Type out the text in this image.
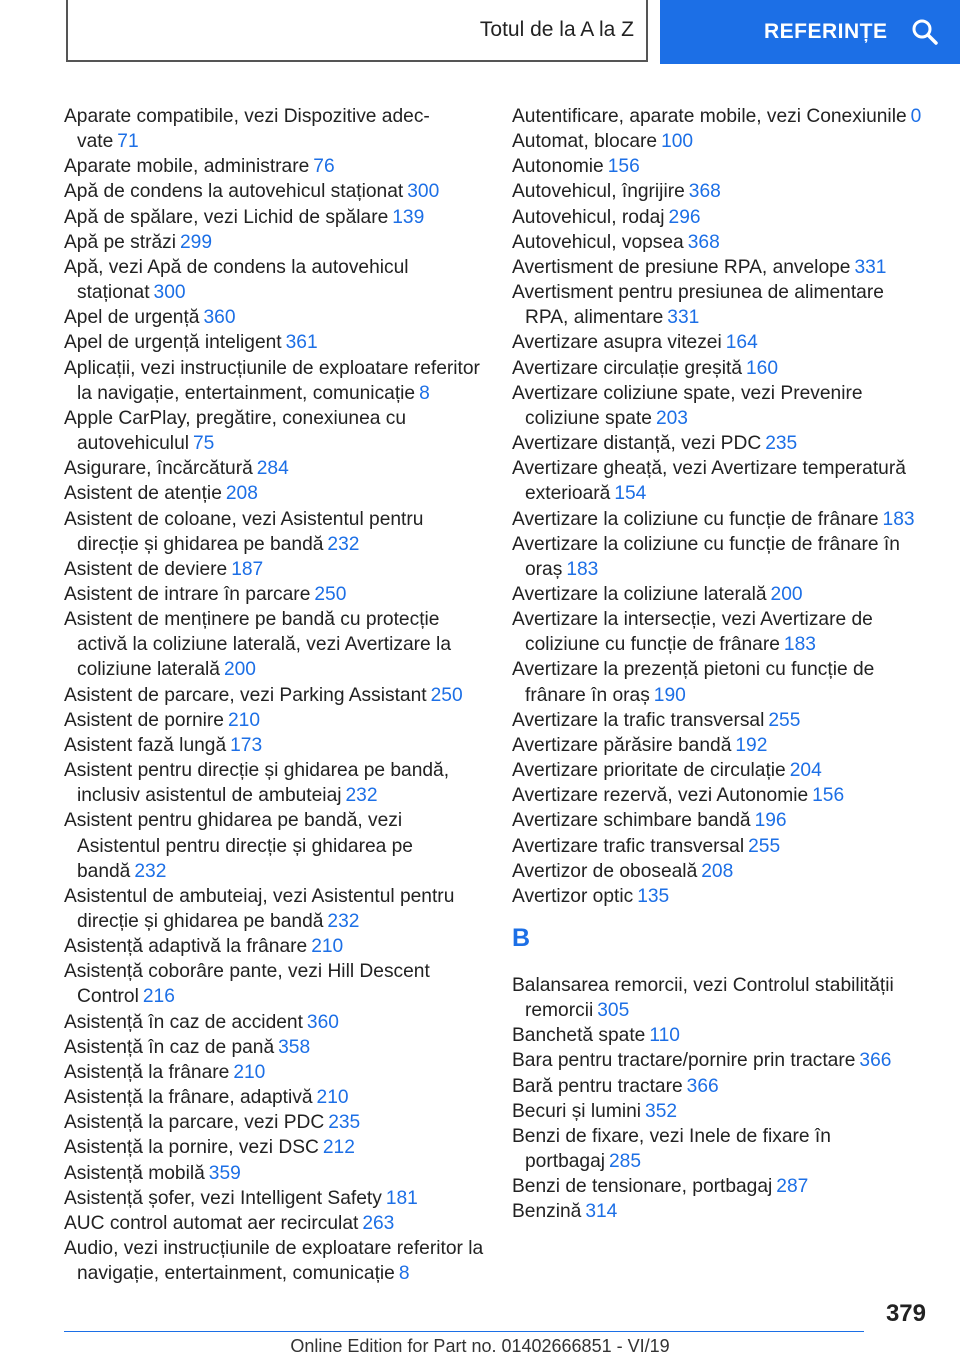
Totul de la A la Z	REFERINȚE
Aparate compatibile, vezi Dispozitive adec-vate 71
Aparate mobile, administrare 76
Apă de condens la autovehicul staționat 300
Apă de spălare, vezi Lichid de spălare 139
Apă pe străzi 299
Apă, vezi Apă de condens la autovehicul staționat 300
Apel de urgență 360
Apel de urgență inteligent 361
Aplicații, vezi instrucțiunile de exploatare referitor la navigație, entertainment, comunicație 8
Apple CarPlay, pregătire, conexiunea cu autovehiculul 75
Asigurare, încărcătură 284
Asistent de atenție 208
Asistent de coloane, vezi Asistentul pentru direcție și ghidarea pe bandă 232
Asistent de deviere 187
Asistent de intrare în parcare 250
Asistent de menținere pe bandă cu protecție activă la coliziune laterală, vezi Avertizare la coliziune laterală 200
Asistent de parcare, vezi Parking Assistant 250
Asistent de pornire 210
Asistent fază lungă 173
Asistent pentru direcție și ghidarea pe bandă, inclusiv asistentul de ambuteiaj 232
Asistent pentru ghidarea pe bandă, vezi Asistentul pentru direcție și ghidarea pe bandă 232
Asistentul de ambuteiaj, vezi Asistentul pentru direcție și ghidarea pe bandă 232
Asistență adaptivă la frânare 210
Asistență coborâre pante, vezi Hill Descent Control 216
Asistență în caz de accident 360
Asistență în caz de pană 358
Asistență la frânare 210
Asistență la frânare, adaptivă 210
Asistență la parcare, vezi PDC 235
Asistență la pornire, vezi DSC 212
Asistență mobilă 359
Asistență șofer, vezi Intelligent Safety 181
AUC control automat aer recirculat 263
Audio, vezi instrucțiunile de exploatare referitor la navigație, entertainment, comunicație 8
Autentificare, aparate mobile, vezi Conexiunile 0
Automat, blocare 100
Autonomie 156
Autovehicul, îngrijire 368
Autovehicul, rodaj 296
Autovehicul, vopsea 368
Avertisment de presiune RPA, anvelope 331
Avertisment pentru presiunea de alimentare RPA, alimentare 331
Avertizare asupra vitezei 164
Avertizare circulație greșită 160
Avertizare coliziune spate, vezi Prevenire coliziune spate 203
Avertizare distanță, vezi PDC 235
Avertizare gheață, vezi Avertizare temperatură exterioară 154
Avertizare la coliziune cu funcție de frânare 183
Avertizare la coliziune cu funcție de frânare în oraș 183
Avertizare la coliziune laterală 200
Avertizare la intersecție, vezi Avertizare de coliziune cu funcție de frânare 183
Avertizare la prezență pietoni cu funcție de frânare în oraș 190
Avertizare la trafic transversal 255
Avertizare părăsire bandă 192
Avertizare prioritate de circulație 204
Avertizare rezervă, vezi Autonomie 156
Avertizare schimbare bandă 196
Avertizare trafic transversal 255
Avertizor de oboseală 208
Avertizor optic 135
B
Balansarea remorcii, vezi Controlul stabilității remorcii 305
Banchetă spate 110
Bara pentru tractare/pornire prin tractare 366
Bară pentru tractare 366
Becuri și lumini 352
Benzi de fixare, vezi Inele de fixare în portbagaj 285
Benzi de tensionare, portbagaj 287
Benzină 314
379
Online Edition for Part no. 01402666851 - VI/19
